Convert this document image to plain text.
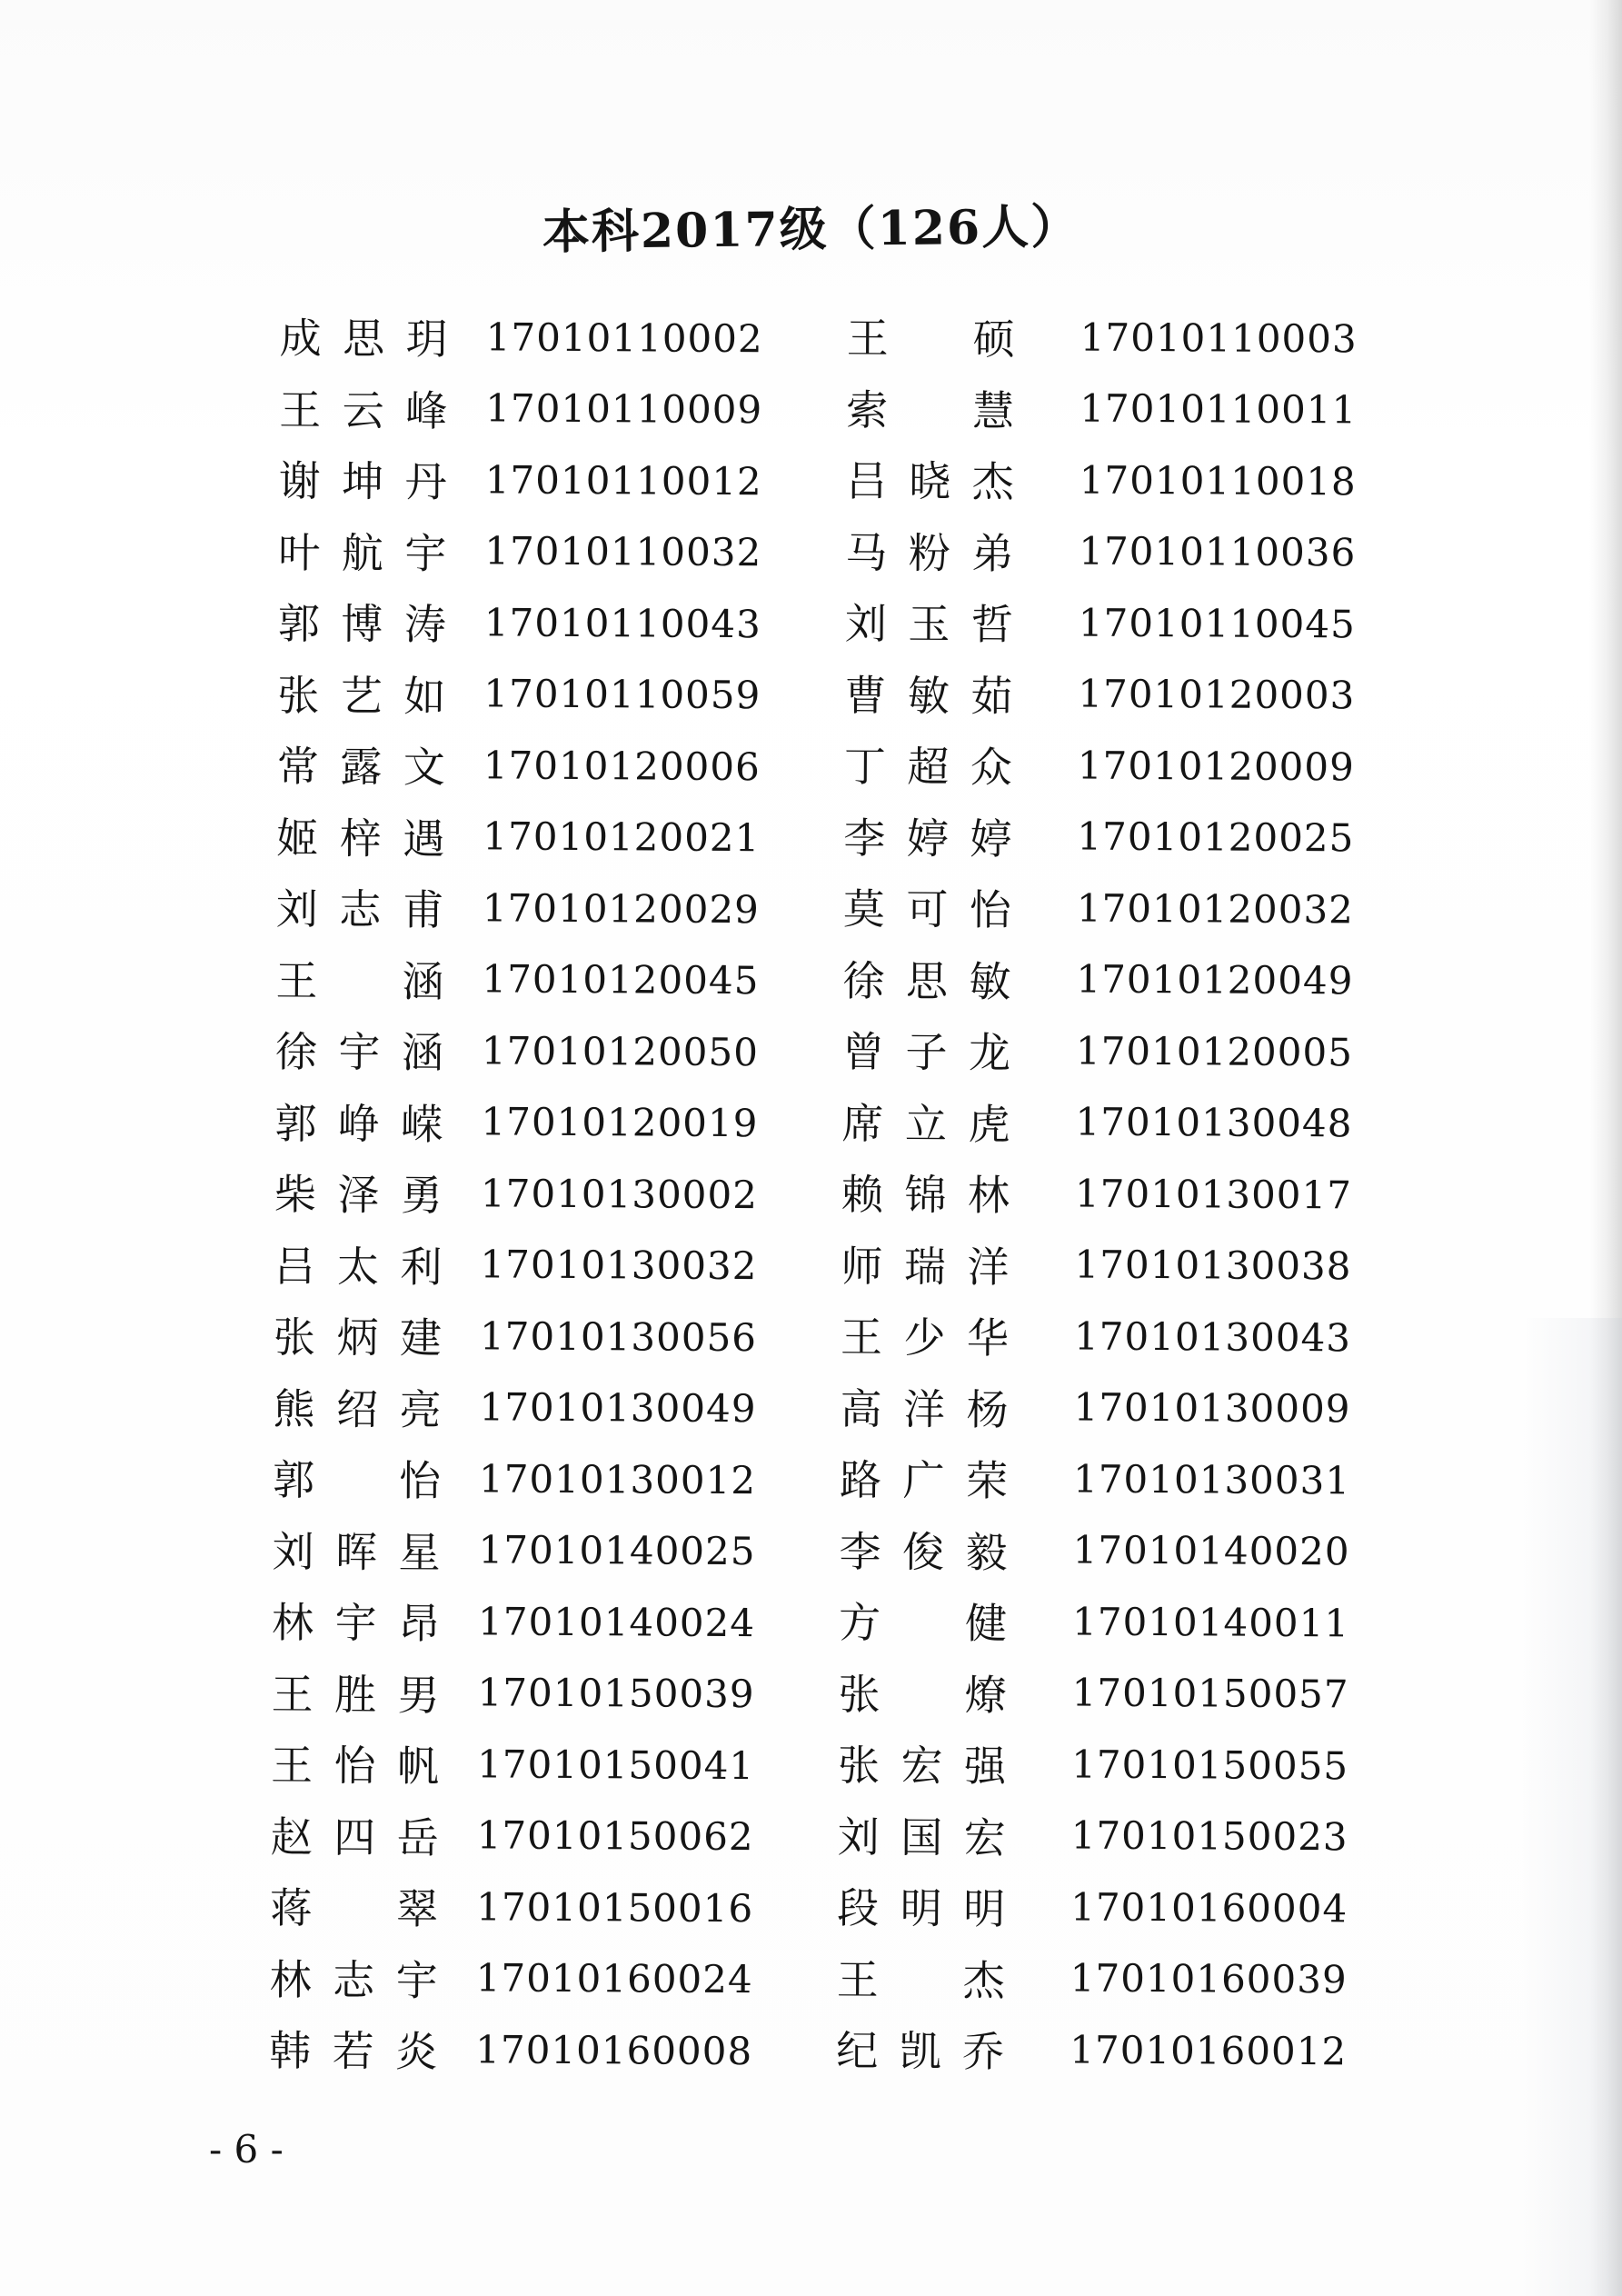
本科2017级（126人）
成 思 玥 17010110002
王 云 峰 17010110009
谢 坤 丹 17010110012
叶 航 宇 17010110032
郭 博 涛 17010110043
张 艺 如 17010110059
常 露 文 17010120006
姬 梓 遇 17010120021
刘 志 甫 17010120029
王 涵 17010120045
徐 宇 涵 17010120050
郭 峥 嵘 17010120019
柴 泽 勇 17010130002
吕 太 利 17010130032
张 炳 建 17010130056
熊 绍 亮 17010130049
郭 怡 17010130012
刘 晖 星 17010140025
林 宇 昂 17010140024
王 胜 男 17010150039
王 怡 帆 17010150041
赵 四 岳 17010150062
蒋 翠 17010150016
林 志 宇 17010160024
韩 若 炎 17010160008
王 硕 17010110003
索 慧 17010110011
吕 晓 杰 17010110018
马 粉 弟 17010110036
刘 玉 哲 17010110045
曹 敏 茹 17010120003
丁 超 众 17010120009
李 婷 婷 17010120025
莫 可 怡 17010120032
徐 思 敏 17010120049
曾 子 龙 17010120005
席 立 虎 17010130048
赖 锦 林 17010130017
师 瑞 洋 17010130038
王 少 华 17010130043
高 洋 杨 17010130009
路 广 荣 17010130031
李 俊 毅 17010140020
方 健 17010140011
张 燎 17010150057
张 宏 强 17010150055
刘 国 宏 17010150023
段 明 明 17010160004
王 杰 17010160039
纪 凯 乔 17010160012
- 6 -
